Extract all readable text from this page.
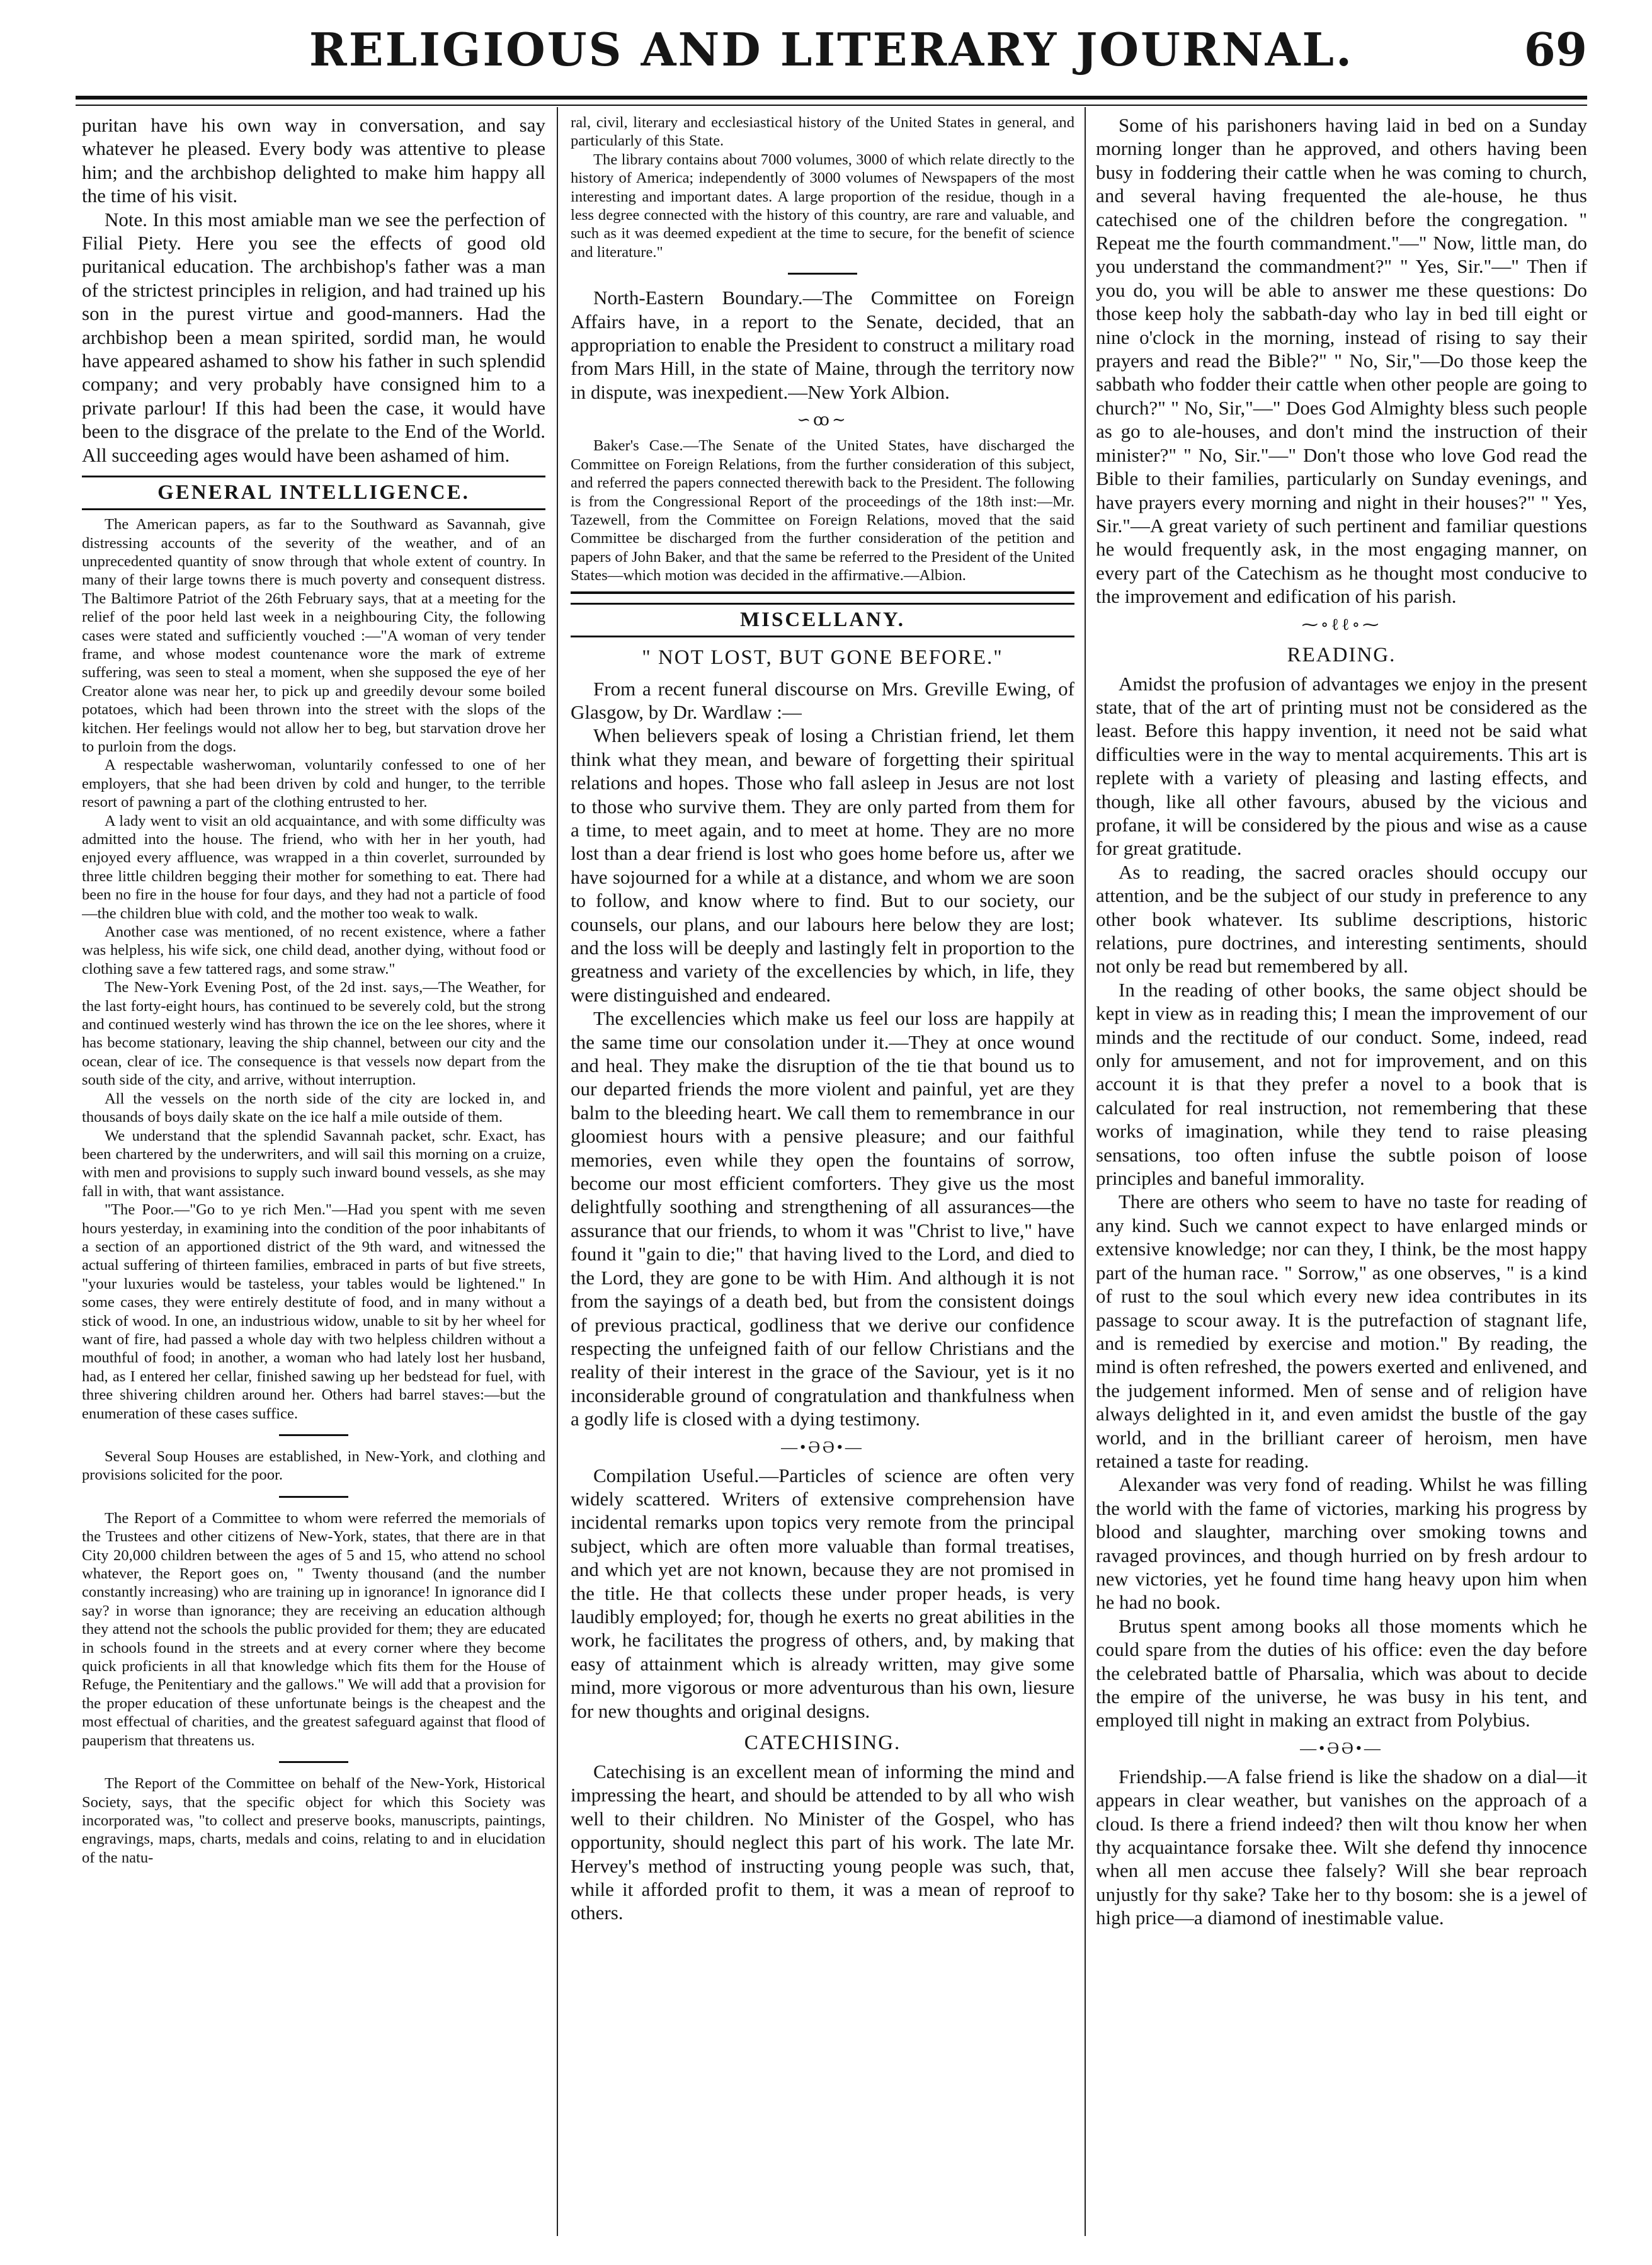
RELIGIOUS AND LITERARY JOURNAL.	69

puritan have his own way in conversation, and say whatever he pleased. Every body was attentive to please him; and the archbishop delighted to make him happy all the time of his visit.

Note. In this most amiable man we see the perfection of Filial Piety. Here you see the effects of good old puritanical education. The archbishop's father was a man of the strictest principles in religion, and had trained up his son in the purest virtue and good-manners. Had the archbishop been a mean spirited, sordid man, he would have appeared ashamed to show his father in such splendid company; and very probably have consigned him to a private parlour! If this had been the case, it would have been to the disgrace of the prelate to the End of the World. All succeeding ages would have been ashamed of him.

GENERAL INTELLIGENCE.

The American papers, as far to the Southward as Savannah, give distressing accounts of the severity of the weather, and of an unprecedented quantity of snow through that whole extent of country. In many of their large towns there is much poverty and consequent distress. The Baltimore Patriot of the 26th February says, that at a meeting for the relief of the poor held last week in a neighbouring City, the following cases were stated and sufficiently vouched :—"A woman of very tender frame, and whose modest countenance wore the mark of extreme suffering, was seen to steal a moment, when she supposed the eye of her Creator alone was near her, to pick up and greedily devour some boiled potatoes, which had been thrown into the street with the slops of the kitchen. Her feelings would not allow her to beg, but starvation drove her to purloin from the dogs.

A respectable washerwoman, voluntarily confessed to one of her employers, that she had been driven by cold and hunger, to the terrible resort of pawning a part of the clothing entrusted to her.

A lady went to visit an old acquaintance, and with some difficulty was admitted into the house. The friend, who with her in her youth, had enjoyed every affluence, was wrapped in a thin coverlet, surrounded by three little children begging their mother for something to eat. There had been no fire in the house for four days, and they had not a particle of food—the children blue with cold, and the mother too weak to walk.

Another case was mentioned, of no recent existence, where a father was helpless, his wife sick, one child dead, another dying, without food or clothing save a few tattered rags, and some straw."

The New-York Evening Post, of the 2d inst. says,—The Weather, for the last forty-eight hours, has continued to be severely cold, but the strong and continued westerly wind has thrown the ice on the lee shores, where it has become stationary, leaving the ship channel, between our city and the ocean, clear of ice. The consequence is that vessels now depart from the south side of the city, and arrive, without interruption.

All the vessels on the north side of the city are locked in, and thousands of boys daily skate on the ice half a mile outside of them.

We understand that the splendid Savannah packet, schr. Exact, has been chartered by the underwriters, and will sail this morning on a cruize, with men and provisions to supply such inward bound vessels, as she may fall in with, that want assistance.

"The Poor.—"Go to ye rich Men."—Had you spent with me seven hours yesterday, in examining into the condition of the poor inhabitants of a section of an apportioned district of the 9th ward, and witnessed the actual suffering of thirteen families, embraced in parts of but five streets, "your luxuries would be tasteless, your tables would be lightened." In some cases, they were entirely destitute of food, and in many without a stick of wood. In one, an industrious widow, unable to sit by her wheel for want of fire, had passed a whole day with two helpless children without a mouthful of food; in another, a woman who had lately lost her husband, had, as I entered her cellar, finished sawing up her bedstead for fuel, with three shivering children around her. Others had barrel staves:—but the enumeration of these cases suffice.

Several Soup Houses are established, in New-York, and clothing and provisions solicited for the poor.

The Report of a Committee to whom were referred the memorials of the Trustees and other citizens of New-York, states, that there are in that City 20,000 children between the ages of 5 and 15, who attend no school whatever, the Report goes on, " Twenty thousand (and the number constantly increasing) who are training up in ignorance! In ignorance did I say? in worse than ignorance; they are receiving an education although they attend not the schools the public provided for them; they are educated in schools found in the streets and at every corner where they become quick proficients in all that knowledge which fits them for the House of Refuge, the Penitentiary and the gallows." We will add that a provision for the proper education of these unfortunate beings is the cheapest and the most effectual of charities, and the greatest safeguard against that flood of pauperism that threatens us.

The Report of the Committee on behalf of the New-York, Historical Society, says, that the specific object for which this Society was incorporated was, "to collect and preserve books, manuscripts, paintings, engravings, maps, charts, medals and coins, relating to and in elucidation of the natu-

ral, civil, literary and ecclesiastical history of the United States in general, and particularly of this State.

The library contains about 7000 volumes, 3000 of which relate directly to the history of America; independently of 3000 volumes of Newspapers of the most interesting and important dates. A large proportion of the residue, though in a less degree connected with the history of this country, are rare and valuable, and such as it was deemed expedient at the time to secure, for the benefit of science and literature."

North-Eastern Boundary.—The Committee on Foreign Affairs have, in a report to the Senate, decided, that an appropriation to enable the President to construct a military road from Mars Hill, in the state of Maine, through the territory now in dispute, was inexpedient.—New York Albion.

∽ꝏ∼

Baker's Case.—The Senate of the United States, have discharged the Committee on Foreign Relations, from the further consideration of this subject, and referred the papers connected therewith back to the President. The following is from the Congressional Report of the proceedings of the 18th inst:—Mr. Tazewell, from the Committee on Foreign Relations, moved that the said Committee be discharged from the further consideration of the petition and papers of John Baker, and that the same be referred to the President of the United States—which motion was decided in the affirmative.—Albion.

MISCELLANY.
" NOT LOST, BUT GONE BEFORE."

From a recent funeral discourse on Mrs. Greville Ewing, of Glasgow, by Dr. Wardlaw :—

When believers speak of losing a Christian friend, let them think what they mean, and beware of forgetting their spiritual relations and hopes. Those who fall asleep in Jesus are not lost to those who survive them. They are only parted from them for a time, to meet again, and to meet at home. They are no more lost than a dear friend is lost who goes home before us, after we have sojourned for a while at a distance, and whom we are soon to follow, and know where to find. But to our society, our counsels, our plans, and our labours here below they are lost; and the loss will be deeply and lastingly felt in proportion to the greatness and variety of the excellencies by which, in life, they were distinguished and endeared.

The excellencies which make us feel our loss are happily at the same time our consolation under it.—They at once wound and heal. They make the disruption of the tie that bound us to our departed friends the more violent and painful, yet are they balm to the bleeding heart. We call them to remembrance in our gloomiest hours with a pensive pleasure; and our faithful memories, even while they open the fountains of sorrow, become our most efficient comforters. They give us the most delightfully soothing and strengthening of all assurances—the assurance that our friends, to whom it was "Christ to live," have found it "gain to die;" that having lived to the Lord, and died to the Lord, they are gone to be with Him. And although it is not from the sayings of a death bed, but from the consistent doings of previous practical, godliness that we derive our confidence respecting the unfeigned faith of our fellow Christians and the reality of their interest in the grace of the Saviour, yet is it no inconsiderable ground of congratulation and thankfulness when a godly life is closed with a dying testimony.

—•ƏƏ•—

Compilation Useful.—Particles of science are often very widely scattered. Writers of extensive comprehension have incidental remarks upon topics very remote from the principal subject, which are often more valuable than formal treatises, and which yet are not known, because they are not promised in the title. He that collects these under proper heads, is very laudibly employed; for, though he exerts no great abilities in the work, he facilitates the progress of others, and, by making that easy of attainment which is already written, may give some mind, more vigorous or more adventurous than his own, liesure for new thoughts and original designs.

CATECHISING.

Catechising is an excellent mean of informing the mind and impressing the heart, and should be attended to by all who wish well to their children. No Minister of the Gospel, who has opportunity, should neglect this part of his work. The late Mr. Hervey's method of instructing young people was such, that, while it afforded profit to them, it was a mean of reproof to others.

Some of his parishoners having laid in bed on a Sunday morning longer than he approved, and others having been busy in foddering their cattle when he was coming to church, and several having frequented the ale-house, he thus catechised one of the children before the congregation. " Repeat me the fourth commandment."—" Now, little man, do you understand the commandment?" " Yes, Sir."—" Then if you do, you will be able to answer me these questions: Do those keep holy the sabbath-day who lay in bed till eight or nine o'clock in the morning, instead of rising to say their prayers and read the Bible?" " No, Sir,"—Do those keep the sabbath who fodder their cattle when other people are going to church?" " No, Sir,"—" Does God Almighty bless such people as go to ale-houses, and don't mind the instruction of their minister?" " No, Sir."—" Don't those who love God read the Bible to their families, particularly on Sunday evenings, and have prayers every morning and night in their houses?" " Yes, Sir."—A great variety of such pertinent and familiar questions he would frequently ask, in the most engaging manner, on every part of the Catechism as he thought most conducive to the improvement and edification of his parish.

⁓∘ℓℓ∘⁓
READING.

Amidst the profusion of advantages we enjoy in the present state, that of the art of printing must not be considered as the least. Before this happy invention, it need not be said what difficulties were in the way to mental acquirements. This art is replete with a variety of pleasing and lasting effects, and though, like all other favours, abused by the vicious and profane, it will be considered by the pious and wise as a cause for great gratitude.

As to reading, the sacred oracles should occupy our attention, and be the subject of our study in preference to any other book whatever. Its sublime descriptions, historic relations, pure doctrines, and interesting sentiments, should not only be read but remembered by all.

In the reading of other books, the same object should be kept in view as in reading this; I mean the improvement of our minds and the rectitude of our conduct. Some, indeed, read only for amusement, and not for improvement, and on this account it is that they prefer a novel to a book that is calculated for real instruction, not remembering that these works of imagination, while they tend to raise pleasing sensations, too often infuse the subtle poison of loose principles and baneful immorality.

There are others who seem to have no taste for reading of any kind. Such we cannot expect to have enlarged minds or extensive knowledge; nor can they, I think, be the most happy part of the human race. " Sorrow," as one observes, " is a kind of rust to the soul which every new idea contributes in its passage to scour away. It is the putrefaction of stagnant life, and is remedied by exercise and motion." By reading, the mind is often refreshed, the powers exerted and enlivened, and the judgement informed. Men of sense and of religion have always delighted in it, and even amidst the bustle of the gay world, and in the brilliant career of heroism, men have retained a taste for reading.

Alexander was very fond of reading. Whilst he was filling the world with the fame of victories, marking his progress by blood and slaughter, marching over smoking towns and ravaged provinces, and though hurried on by fresh ardour to new victories, yet he found time hang heavy upon him when he had no book.

Brutus spent among books all those moments which he could spare from the duties of his office: even the day before the celebrated battle of Pharsalia, which was about to decide the empire of the universe, he was busy in his tent, and employed till night in making an extract from Polybius.

—•ƏƏ•—

Friendship.—A false friend is like the shadow on a dial—it appears in clear weather, but vanishes on the approach of a cloud. Is there a friend indeed? then wilt thou know her when thy acquaintance forsake thee. Wilt she defend thy innocence when all men accuse thee falsely? Will she bear reproach unjustly for thy sake? Take her to thy bosom: she is a jewel of high price—a diamond of inestimable value.
